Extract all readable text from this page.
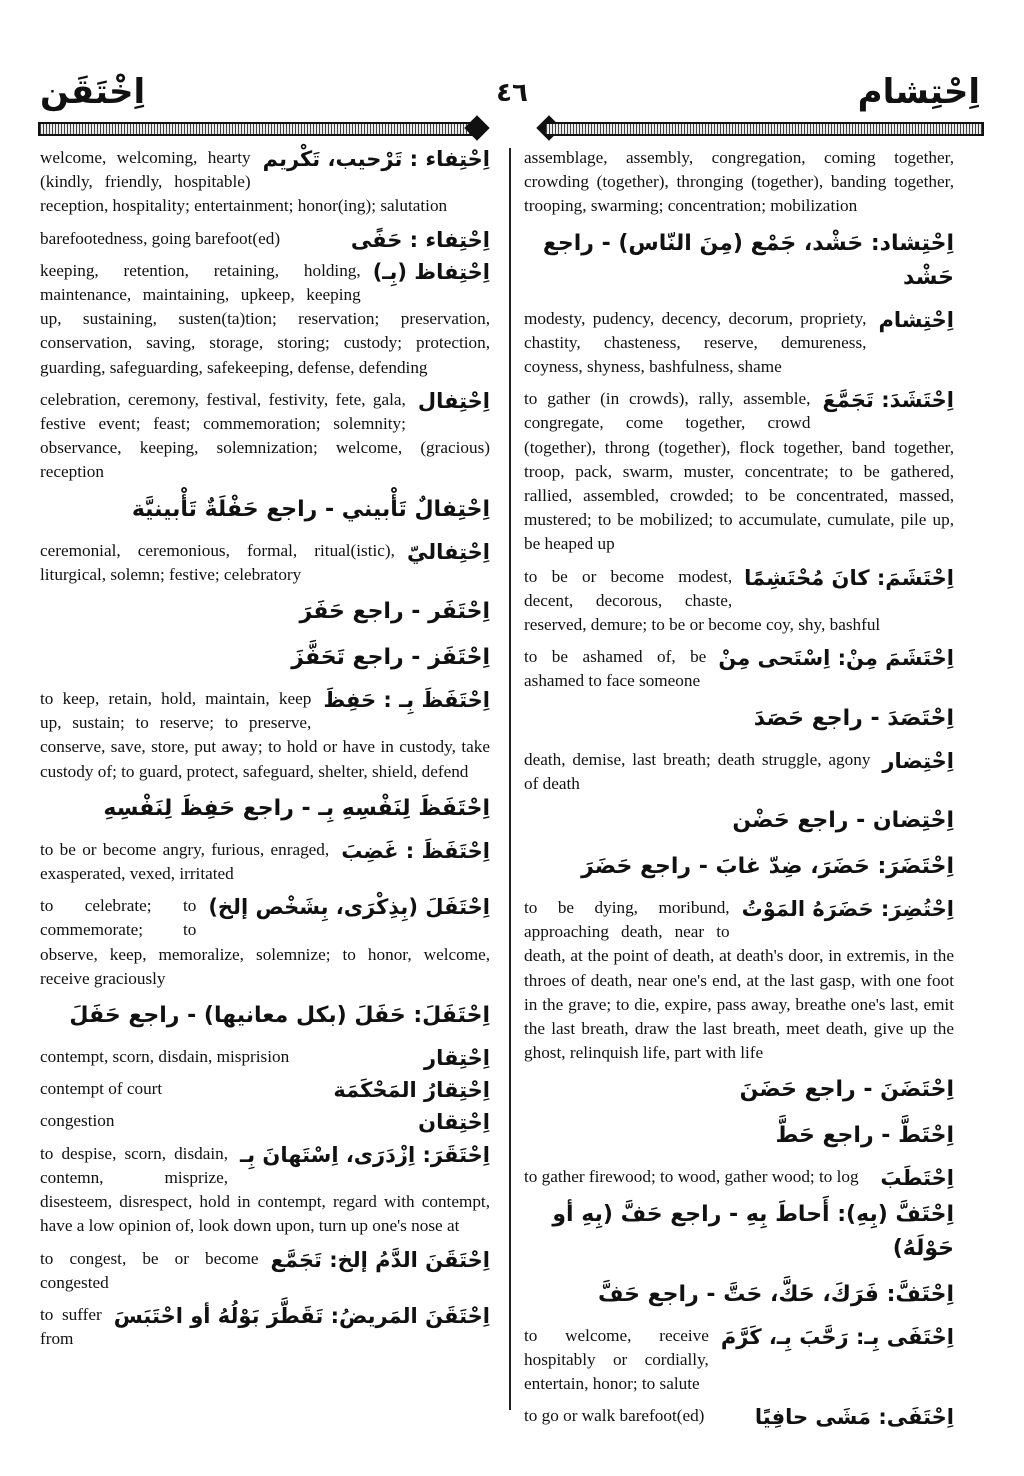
اِخْتَقَن	٤٦	اِحْتِشام
اِحْتِفاء : تَرْحيب، تَكْريم
welcome, welcoming, hearty (kindly, friendly, hospitable) reception, hospitality; entertainment; honor(ing); salutation
اِحْتِفاء : حَفًى
barefootedness, going barefoot(ed)
اِحْتِفاظ (بِـ)
keeping, retention, retaining, holding, maintenance, maintaining, upkeep, keeping up, sustaining, susten(ta)tion; reservation; preservation, conservation, saving, storage, storing; custody; protection, guarding, safeguarding, safekeeping, defense, defending
اِحْتِفال
celebration, ceremony, festival, festivity, fete, gala, festive event; feast; commemoration; solemnity; observance, keeping, solemnization; welcome, (gracious) reception
اِحْتِفالٌ تَأْبيني - راجع حَفْلَةٌ تَأْبينيَّة
اِحْتِفاليّ
ceremonial, ceremonious, formal, ritual(istic), liturgical, solemn; festive; celebratory
اِحْتَفَر - راجع حَفَرَ
اِحْتَفَز - راجع تَحَفَّزَ
اِحْتَفَظَ بِـ : حَفِظَ
to keep, retain, hold, maintain, keep up, sustain; to reserve; to preserve, conserve, save, store, put away; to hold or have in custody, take custody of; to guard, protect, safeguard, shelter, shield, defend
اِحْتَفَظَ لِنَفْسِهِ بِـ - راجع حَفِظَ لِنَفْسِهِ
اِحْتَفَظَ : غَضِبَ
to be or become angry, furious, enraged, exasperated, vexed, irritated
اِحْتَفَلَ (بِذِكْرَى، بِشَخْص إلخ)
to celebrate; to commemorate; to observe, keep, memoralize, solemnize; to honor, welcome, receive graciously
اِحْتَفَلَ: حَفَلَ (بكل معانيها) - راجع حَفَلَ
اِحْتِقار
contempt, scorn, disdain, misprision
اِحْتِقارُ المَحْكَمَة
contempt of court
اِحْتِقان
congestion
اِحْتَقَرَ: اِزْدَرَى، اِسْتَهانَ بِـ
to despise, scorn, disdain, contemn, misprize, disesteem, disrespect, hold in contempt, regard with contempt, have a low opinion of, look down upon, turn up one's nose at
اِحْتَقَنَ الدَّمُ إلخ: تَجَمَّع
to congest, be or become congested
اِحْتَقَنَ المَريضُ: تَقَطَّرَ بَوْلُهُ أو احْتَبَسَ
to suffer from
assemblage, assembly, congregation, coming together, crowding (together), thronging (together), banding together, trooping, swarming; concentration; mobilization
اِحْتِشاد: حَشْد، جَمْع (مِنَ النّاس) - راجع حَشْد
اِحْتِشام
modesty, pudency, decency, decorum, propriety, chastity, chasteness, reserve, demureness, coyness, shyness, bashfulness, shame
اِحْتَشَدَ: تَجَمَّعَ
to gather (in crowds), rally, assemble, congregate, come together, crowd (together), throng (together), flock together, band together, troop, pack, swarm, muster, concentrate; to be gathered, rallied, assembled, crowded; to be concentrated, massed, mustered; to be mobilized; to accumulate, cumulate, pile up, be heaped up
اِحْتَشَمَ: كانَ مُحْتَشِمًا
to be or become modest, decent, decorous, chaste, reserved, demure; to be or become coy, shy, bashful
اِحْتَشَمَ مِنْ: اِسْتَحى مِنْ
to be ashamed of, be ashamed to face someone
اِحْتَصَدَ - راجع حَصَدَ
اِحْتِضار
death, demise, last breath; death struggle, agony of death
اِحْتِضان - راجع حَضْن
اِحْتَضَرَ: حَضَرَ، ضِدّ غابَ - راجع حَضَرَ
اِحْتُضِرَ: حَضَرَهُ المَوْتُ
to be dying, moribund, approaching death, near to death, at the point of death, at death's door, in extremis, in the throes of death, near one's end, at the last gasp, with one foot in the grave; to die, expire, pass away, breathe one's last, emit the last breath, draw the last breath, meet death, give up the ghost, relinquish life, part with life
اِحْتَضَنَ - راجع حَضَنَ
اِحْتَطَّ - راجع حَطَّ
اِحْتَطَبَ
to gather firewood; to wood, gather wood; to log
اِحْتَفَّ (بِهِ): أَحاطَ بِهِ - راجع حَفَّ (بِهِ أو حَوْلَهُ)
اِحْتَفَّ: فَرَكَ، حَكَّ، حَتَّ - راجع حَفَّ
اِحْتَفَى بِـ: رَحَّبَ بِـ، كَرَّمَ
to welcome, receive hospitably or cordially, entertain, honor; to salute
اِحْتَفَى: مَشَى حافِيًا
to go or walk barefoot(ed)
